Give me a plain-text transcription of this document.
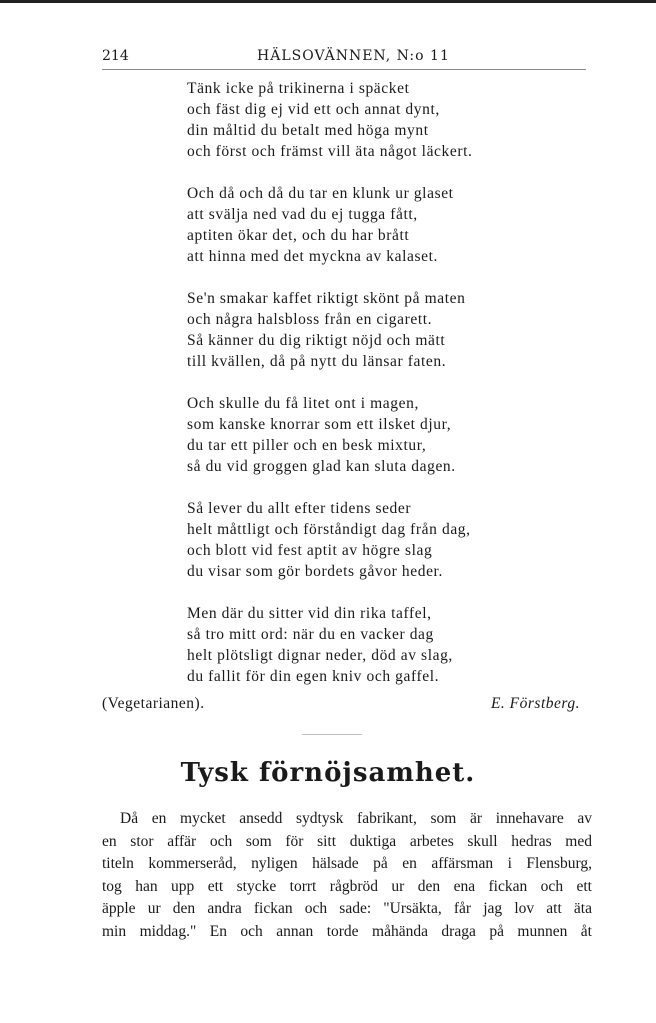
214	HÄLSOVÄNNEN, N:o 11
Tänk icke på trikinerna i späcket
och fäst dig ej vid ett och annat dynt,
din måltid du betalt med höga mynt
och först och främst vill äta något läckert.
Och då och då du tar en klunk ur glaset
att svälja ned vad du ej tugga fått,
aptiten ökar det, och du har brått
att hinna med det myckna av kalaset.
Se'n smakar kaffet riktigt skönt på maten
och några halsbloss från en cigarett.
Så känner du dig riktigt nöjd och mätt
till kvällen, då på nytt du länsar faten.
Och skulle du få litet ont i magen,
som kanske knorrar som ett ilsket djur,
du tar ett piller och en besk mixtur,
så du vid groggen glad kan sluta dagen.
Så lever du allt efter tidens seder
helt måttligt och förståndigt dag från dag,
och blott vid fest aptit av högre slag
du visar som gör bordets gåvor heder.
Men där du sitter vid din rika taffel,
så tro mitt ord: när du en vacker dag
helt plötsligt dignar neder, död av slag,
du fallit för din egen kniv och gaffel.
(Vegetarianen).	E. Förstberg.
Tysk förnöjsamhet.
Då en mycket ansedd sydtysk fabrikant, som är innehavare av
en stor affär och som för sitt duktiga arbetes skull hedras med
titeln kommerseråd, nyligen hälsade på en affärsman i Flensburg,
tog han upp ett stycke torrt rågbröd ur den ena fickan och ett
äpple ur den andra fickan och sade: "Ursäkta, får jag lov att äta
min middag." En och annan torde måhända draga på munnen åt
